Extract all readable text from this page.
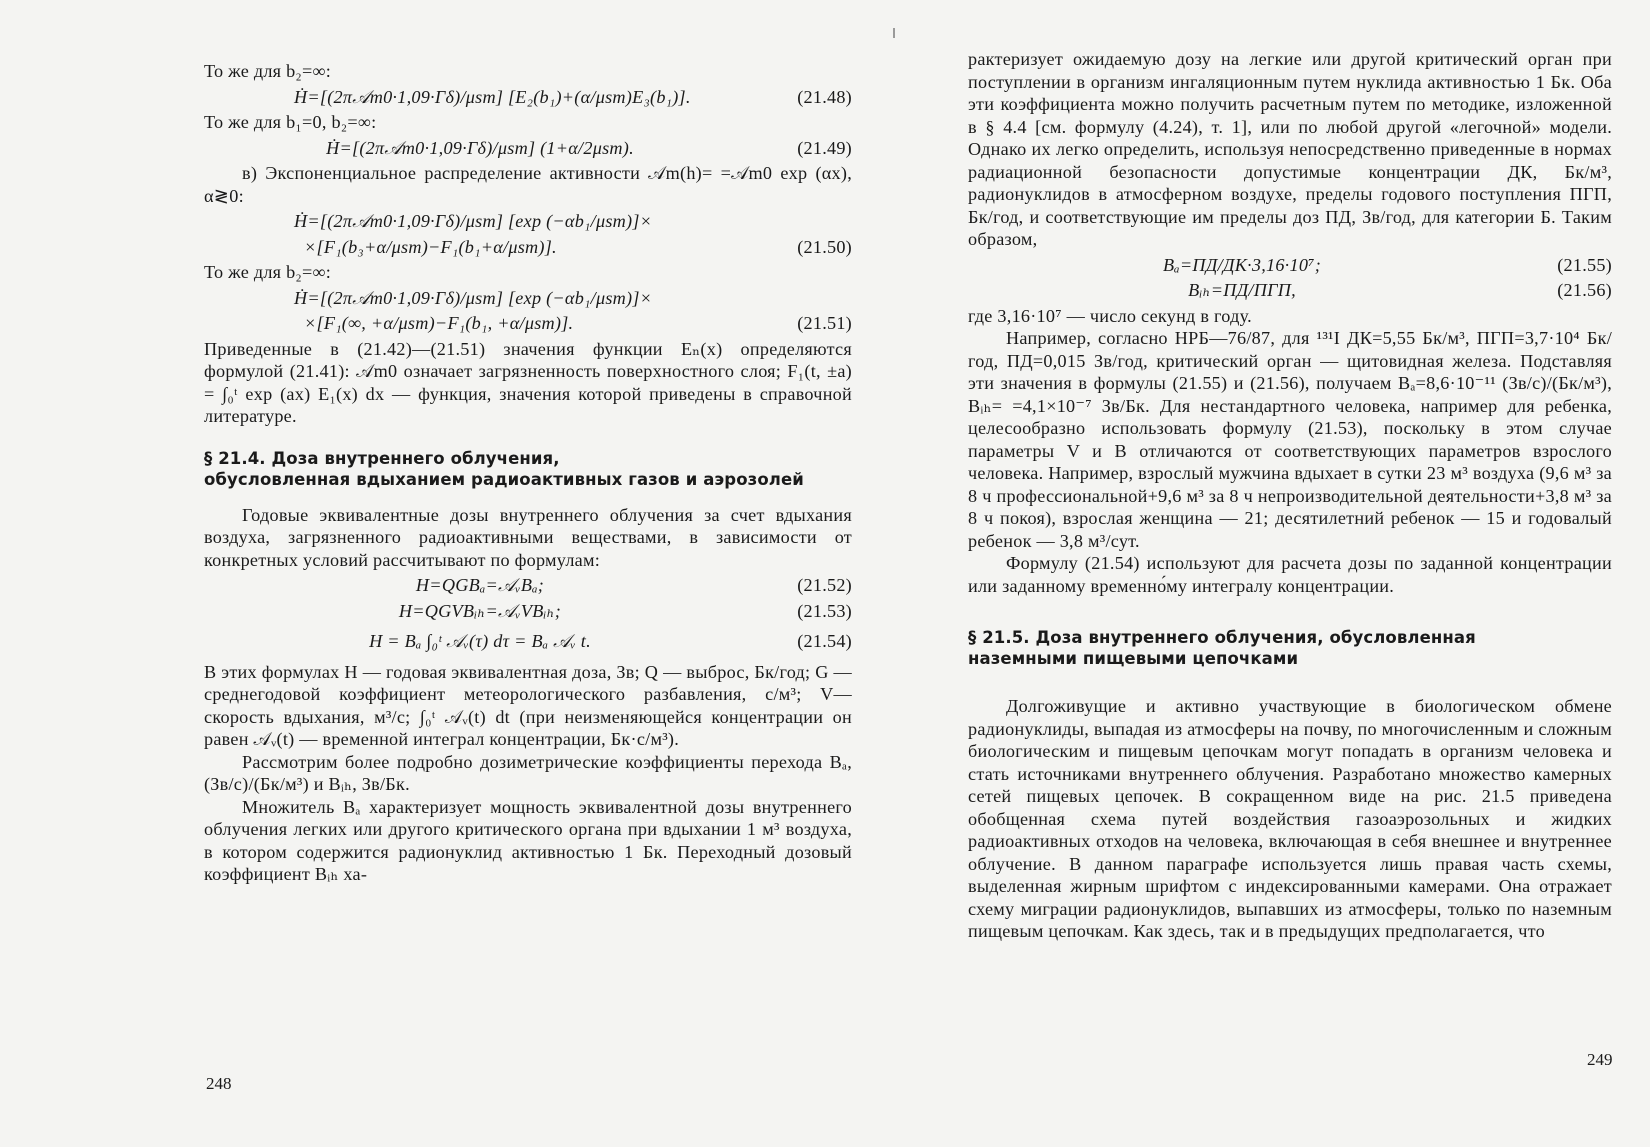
То же для b₂=∞:

Ḣ=[(2π𝒜m0·1,09·Γδ)/μsm] [E₂(b₁)+(α/μsm)E₃(b₁)].	(21.48)

То же для b₁=0, b₂=∞:

Ḣ=[(2π𝒜m0·1,09·Γδ)/μsm] (1+α/2μsm).	(21.49)

в) Экспоненциальное распределение активности 𝒜m(h)= =𝒜m0 exp (αx), α≷0:

Ḣ=[(2π𝒜m0·1,09·Γδ)/μsm] [exp (−αb₁/μsm)]×
×[F₁(b₃+α/μsm)−F₁(b₁+α/μsm)].	(21.50)

То же для b₂=∞:

Ḣ=[(2π𝒜m0·1,09·Γδ)/μsm] [exp (−αb₁/μsm)]×
×[F₁(∞, +α/μsm)−F₁(b₁, +α/μsm)].	(21.51)

Приведенные в (21.42)—(21.51) значения функции Eₙ(x) определяются формулой (21.41): 𝒜m0 означает загрязненность поверхностного слоя; F₁(t, ±a) = ∫₀ᵗ exp (ax) E₁(x) dx — функция, значения которой приведены в справочной литературе.

§ 21.4. Доза внутреннего облучения,
обусловленная вдыханием радиоактивных газов и аэрозолей

Годовые эквивалентные дозы внутреннего облучения за счет вдыхания воздуха, загрязненного радиоактивными веществами, в зависимости от конкретных условий рассчитывают по формулам:

H=QGBₐ=𝒜ᵥBₐ;	(21.52)
H=QGVBᵢₕ=𝒜ᵥVBᵢₕ;	(21.53)
H = Bₐ ∫₀ᵗ 𝒜ᵥ(τ) dτ = Bₐ 𝒜ᵥ t.	(21.54)

В этих формулах H — годовая эквивалентная доза, Зв; Q — выброс, Бк/год; G — среднегодовой коэффициент метеорологического разбавления, с/м³; V—скорость вдыхания, м³/с; ∫₀ᵗ 𝒜ᵥ(t) dt (при неизменяющейся концентрации он равен 𝒜ᵥ(t) — временной интеграл концентрации, Бк·с/м³).

Рассмотрим более подробно дозиметрические коэффициенты перехода Bₐ, (Зв/с)/(Бк/м³) и Bᵢₕ, Зв/Бк.

Множитель Bₐ характеризует мощность эквивалентной дозы внутреннего облучения легких или другого критического органа при вдыхании 1 м³ воздуха, в котором содержится радионуклид активностью 1 Бк. Переходный дозовый коэффициент Bᵢₕ ха-

248

рактеризует ожидаемую дозу на легкие или другой критический орган при поступлении в организм ингаляционным путем нуклида активностью 1 Бк. Оба эти коэффициента можно получить расчетным путем по методике, изложенной в § 4.4 [см. формулу (4.24), т. 1], или по любой другой «легочной» модели. Однако их легко определить, используя непосредственно приведенные в нормах радиационной безопасности допустимые концентрации ДК, Бк/м³, радионуклидов в атмосферном воздухе, пределы годового поступления ПГП, Бк/год, и соответствующие им пределы доз ПД, Зв/год, для категории Б. Таким образом,

Bₐ=ПД/ДК·3,16·10⁷;	(21.55)
Bᵢₕ=ПД/ПГП,	(21.56)

где 3,16·10⁷ — число секунд в году.

Например, согласно НРБ—76/87, для ¹³¹I ДК=5,55 Бк/м³, ПГП=3,7·10⁴ Бк/год, ПД=0,015 Зв/год, критический орган — щитовидная железа. Подставляя эти значения в формулы (21.55) и (21.56), получаем Bₐ=8,6·10⁻¹¹ (Зв/с)/(Бк/м³), Bᵢₕ= =4,1×10⁻⁷ Зв/Бк. Для нестандартного человека, например для ребенка, целесообразно использовать формулу (21.53), поскольку в этом случае параметры V и B отличаются от соответствующих параметров взрослого человека. Например, взрослый мужчина вдыхает в сутки 23 м³ воздуха (9,6 м³ за 8 ч профессиональной+9,6 м³ за 8 ч непроизводительной деятельности+3,8 м³ за 8 ч покоя), взрослая женщина — 21; десятилетний ребенок — 15 и годовалый ребенок — 3,8 м³/сут.

Формулу (21.54) используют для расчета дозы по заданной концентрации или заданному временно́му интегралу концентрации.

§ 21.5. Доза внутреннего облучения, обусловленная
наземными пищевыми цепочками

Долгоживущие и активно участвующие в биологическом обмене радионуклиды, выпадая из атмосферы на почву, по многочисленным и сложным биологическим и пищевым цепочкам могут попадать в организм человека и стать источниками внутреннего облучения. Разработано множество камерных сетей пищевых цепочек. В сокращенном виде на рис. 21.5 приведена обобщенная схема путей воздействия газоаэрозольных и жидких радиоактивных отходов на человека, включающая в себя внешнее и внутреннее облучение. В данном параграфе используется лишь правая часть схемы, выделенная жирным шрифтом с индексированными камерами. Она отражает схему миграции радионуклидов, выпавших из атмосферы, только по наземным пищевым цепочкам. Как здесь, так и в предыдущих предполагается, что

249
